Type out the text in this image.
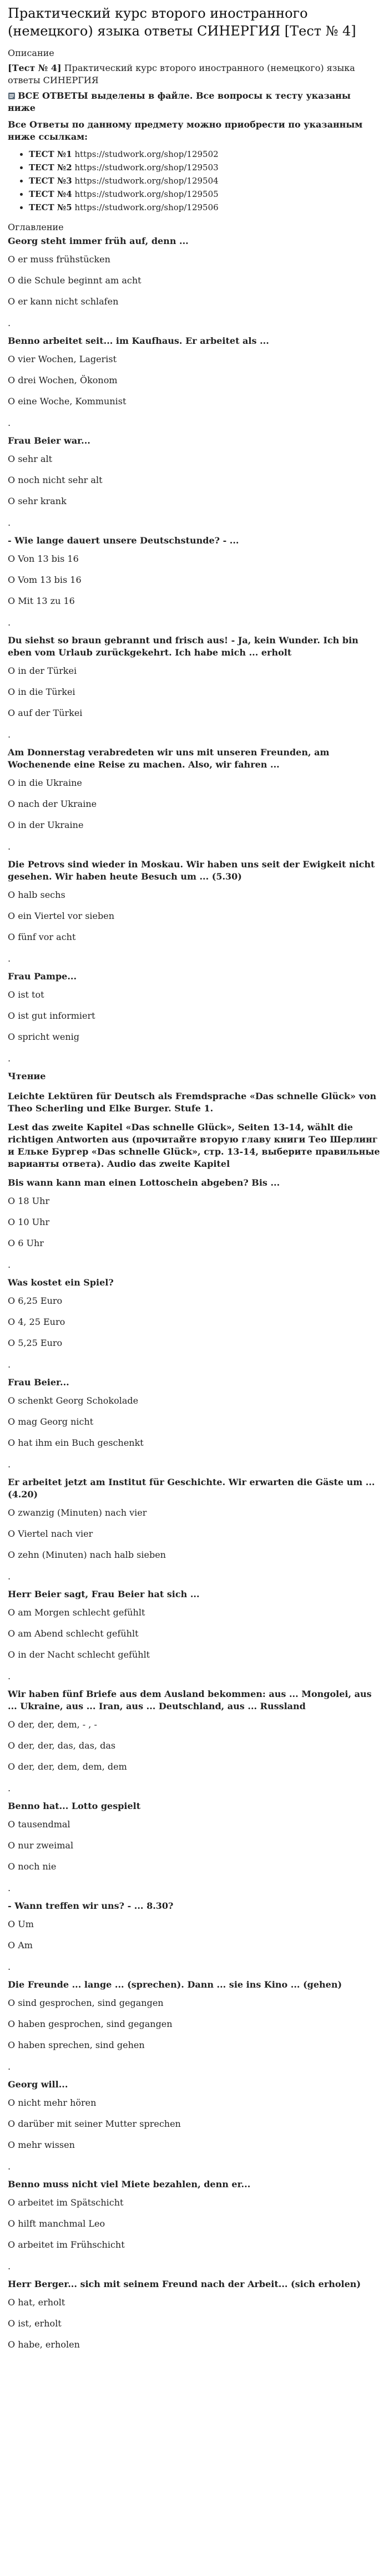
Практический курс второго иностранного (немецкого) языка ответы СИНЕРГИЯ [Тест № 4]
Описание
[Тест № 4] Практический курс второго иностранного (немецкого) языка ответы СИНЕРГИЯ
ВСЕ ОТВЕТЫ выделены в файле. Все вопросы к тесту указаны ниже
Все Ответы по данному предмету можно приобрести по указанным ниже ссылкам:
• ТЕСТ №1 https://studwork.org/shop/129502
• ТЕСТ №2 https://studwork.org/shop/129503
• ТЕСТ №3 https://studwork.org/shop/129504
• ТЕСТ №4 https://studwork.org/shop/129505
• ТЕСТ №5 https://studwork.org/shop/129506
Оглавление
Georg steht immer früh auf, denn ...
O er muss frühstücken
O die Schule beginnt am acht
O er kann nicht schlafen
.
Benno arbeitet seit... im Kaufhaus. Er arbeitet als ...
O vier Wochen, Lagerist
O drei Wochen, Ökonom
O eine Woche, Kommunist
.
Frau Beier war...
O sehr alt
O noch nicht sehr alt
O sehr krank
.
- Wie lange dauert unsere Deutschstunde? - ...
O Von 13 bis 16
O Vom 13 bis 16
O Mit 13 zu 16
.
Du siehst so braun gebrannt und frisch aus! - Ja, kein Wunder. Ich bin eben vom Urlaub zurückgekehrt. Ich habe mich ... erholt
O in der Türkei
O in die Türkei
O auf der Türkei
.
Am Donnerstag verabredeten wir uns mit unseren Freunden, am Wochenende eine Reise zu machen. Also, wir fahren ...
O in die Ukraine
O nach der Ukraine
O in der Ukraine
.
Die Petrovs sind wieder in Moskau. Wir haben uns seit der Ewigkeit nicht gesehen. Wir haben heute Besuch um ... (5.30)
O halb sechs
O ein Viertel vor sieben
O fünf vor acht
.
Frau Pampe...
O ist tot
O ist gut informiert
O spricht wenig
.
Чтение
Leichte Lektüren für Deutsch als Fremdsprache «Das schnelle Glück» von Theo Scherling und Elke Burger. Stufe 1.
Lest das zweite Kapitel «Das schnelle Glück», Seiten 13-14, wählt die richtigen Antworten aus (прочитайте вторую главу книги Тео Шерлинг и Ельке Бургер «Das schnelle Glück», стр. 13-14, выберите правильные варианты ответа). Audio das zweite Kapitel
Bis wann kann man einen Lottoschein abgeben? Bis ...
O 18 Uhr
O 10 Uhr
O 6 Uhr
.
Was kostet ein Spiel?
O 6,25 Euro
O 4, 25 Euro
O 5,25 Euro
.
Frau Beier...
O schenkt Georg Schokolade
O mag Georg nicht
O hat ihm ein Buch geschenkt
.
Er arbeitet jetzt am Institut für Geschichte. Wir erwarten die Gäste um ... (4.20)
O zwanzig (Minuten) nach vier
O Viertel nach vier
O zehn (Minuten) nach halb sieben
.
Herr Beier sagt, Frau Beier hat sich ...
O am Morgen schlecht gefühlt
O am Abend schlecht gefühlt
O in der Nacht schlecht gefühlt
.
Wir haben fünf Briefe aus dem Ausland bekommen: aus ... Mongolei, aus ... Ukraine, aus ... Iran, aus ... Deutschland, aus ... Russland
O der, der, dem, - , -
O der, der, das, das, das
O der, der, dem, dem, dem
.
Benno hat... Lotto gespielt
O tausendmal
O nur zweimal
O noch nie
.
- Wann treffen wir uns? - ... 8.30?
O Um
O Am
.
Die Freunde ... lange ... (sprechen). Dann ... sie ins Kino ... (gehen)
O sind gesprochen, sind gegangen
O haben gesprochen, sind gegangen
O haben sprechen, sind gehen
.
Georg will...
O nicht mehr hören
O darüber mit seiner Mutter sprechen
O mehr wissen
.
Benno muss nicht viel Miete bezahlen, denn er...
O arbeitet im Spätschicht
O hilft manchmal Leo
O arbeitet im Frühschicht
.
Herr Berger... sich mit seinem Freund nach der Arbeit... (sich erholen)
O hat, erholt
O ist, erholt
O habe, erholen
